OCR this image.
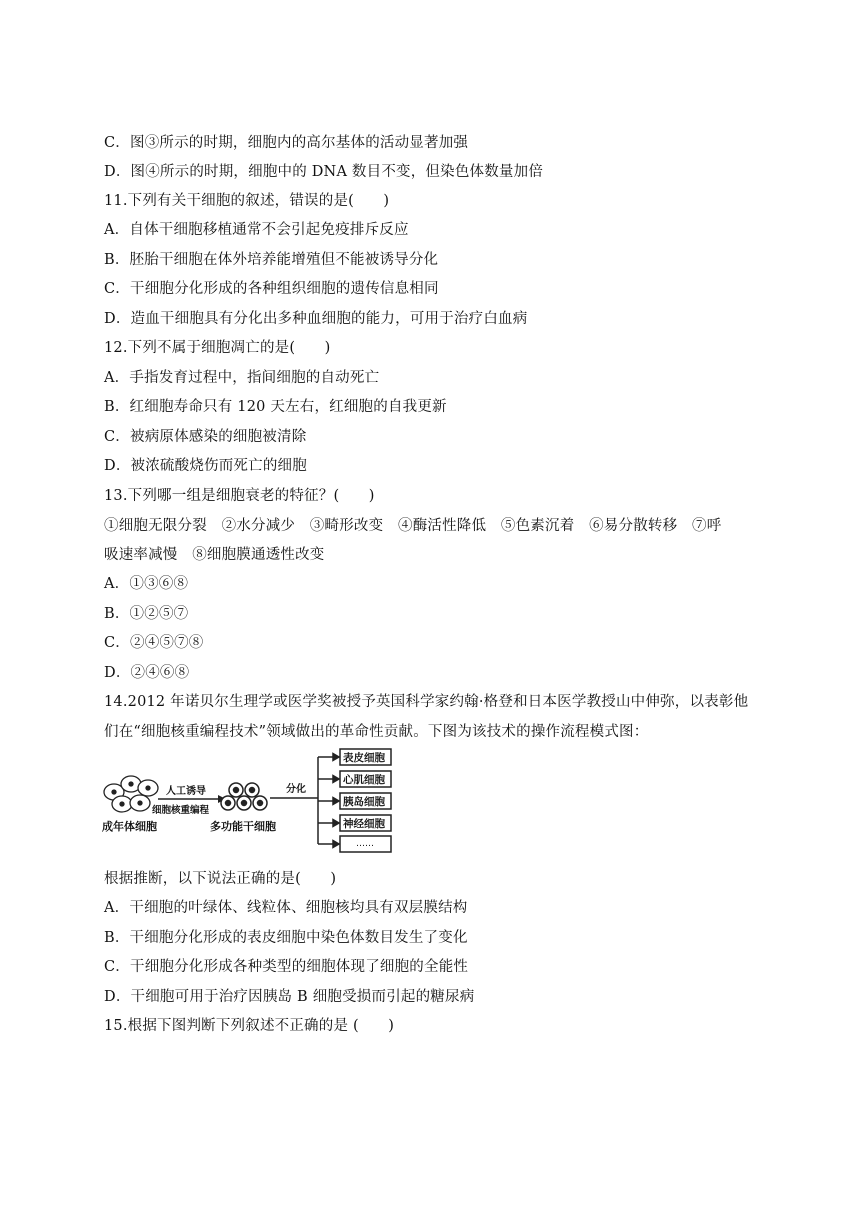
C．图③所示的时期，细胞内的高尔基体的活动显著加强
D．图④所示的时期，细胞中的 DNA 数目不变，但染色体数量加倍
11.下列有关干细胞的叙述，错误的是(　　)
A．自体干细胞移植通常不会引起免疫排斥反应
B．胚胎干细胞在体外培养能增殖但不能被诱导分化
C．干细胞分化形成的各种组织细胞的遗传信息相同
D．造血干细胞具有分化出多种血细胞的能力，可用于治疗白血病
12.下列不属于细胞凋亡的是(　　)
A．手指发育过程中，指间细胞的自动死亡
B．红细胞寿命只有 120 天左右，红细胞的自我更新
C．被病原体感染的细胞被清除
D．被浓硫酸烧伤而死亡的细胞
13.下列哪一组是细胞衰老的特征？(　　)
①细胞无限分裂　②水分减少　③畸形改变　④酶活性降低　⑤色素沉着　⑥易分散转移　⑦呼
吸速率减慢　⑧细胞膜通透性改变
A．①③⑥⑧
B．①②⑤⑦
C．②④⑤⑦⑧
D．②④⑥⑧
14.2012 年诺贝尔生理学或医学奖被授予英国科学家约翰·格登和日本医学教授山中伸弥，以表彰他
们在“细胞核重编程技术”领域做出的革命性贡献。下图为该技术的操作流程模式图：
成年体细胞
人工诱导
细胞核重编程
多功能干细胞
分化
表皮细胞
心肌细胞
胰岛细胞
神经细胞
……
根据推断，以下说法正确的是(　　)
A．干细胞的叶绿体、线粒体、细胞核均具有双层膜结构
B．干细胞分化形成的表皮细胞中染色体数目发生了变化
C．干细胞分化形成各种类型的细胞体现了细胞的全能性
D．干细胞可用于治疗因胰岛 B 细胞受损而引起的糖尿病
15.根据下图判断下列叙述不正确的是 (　　)
